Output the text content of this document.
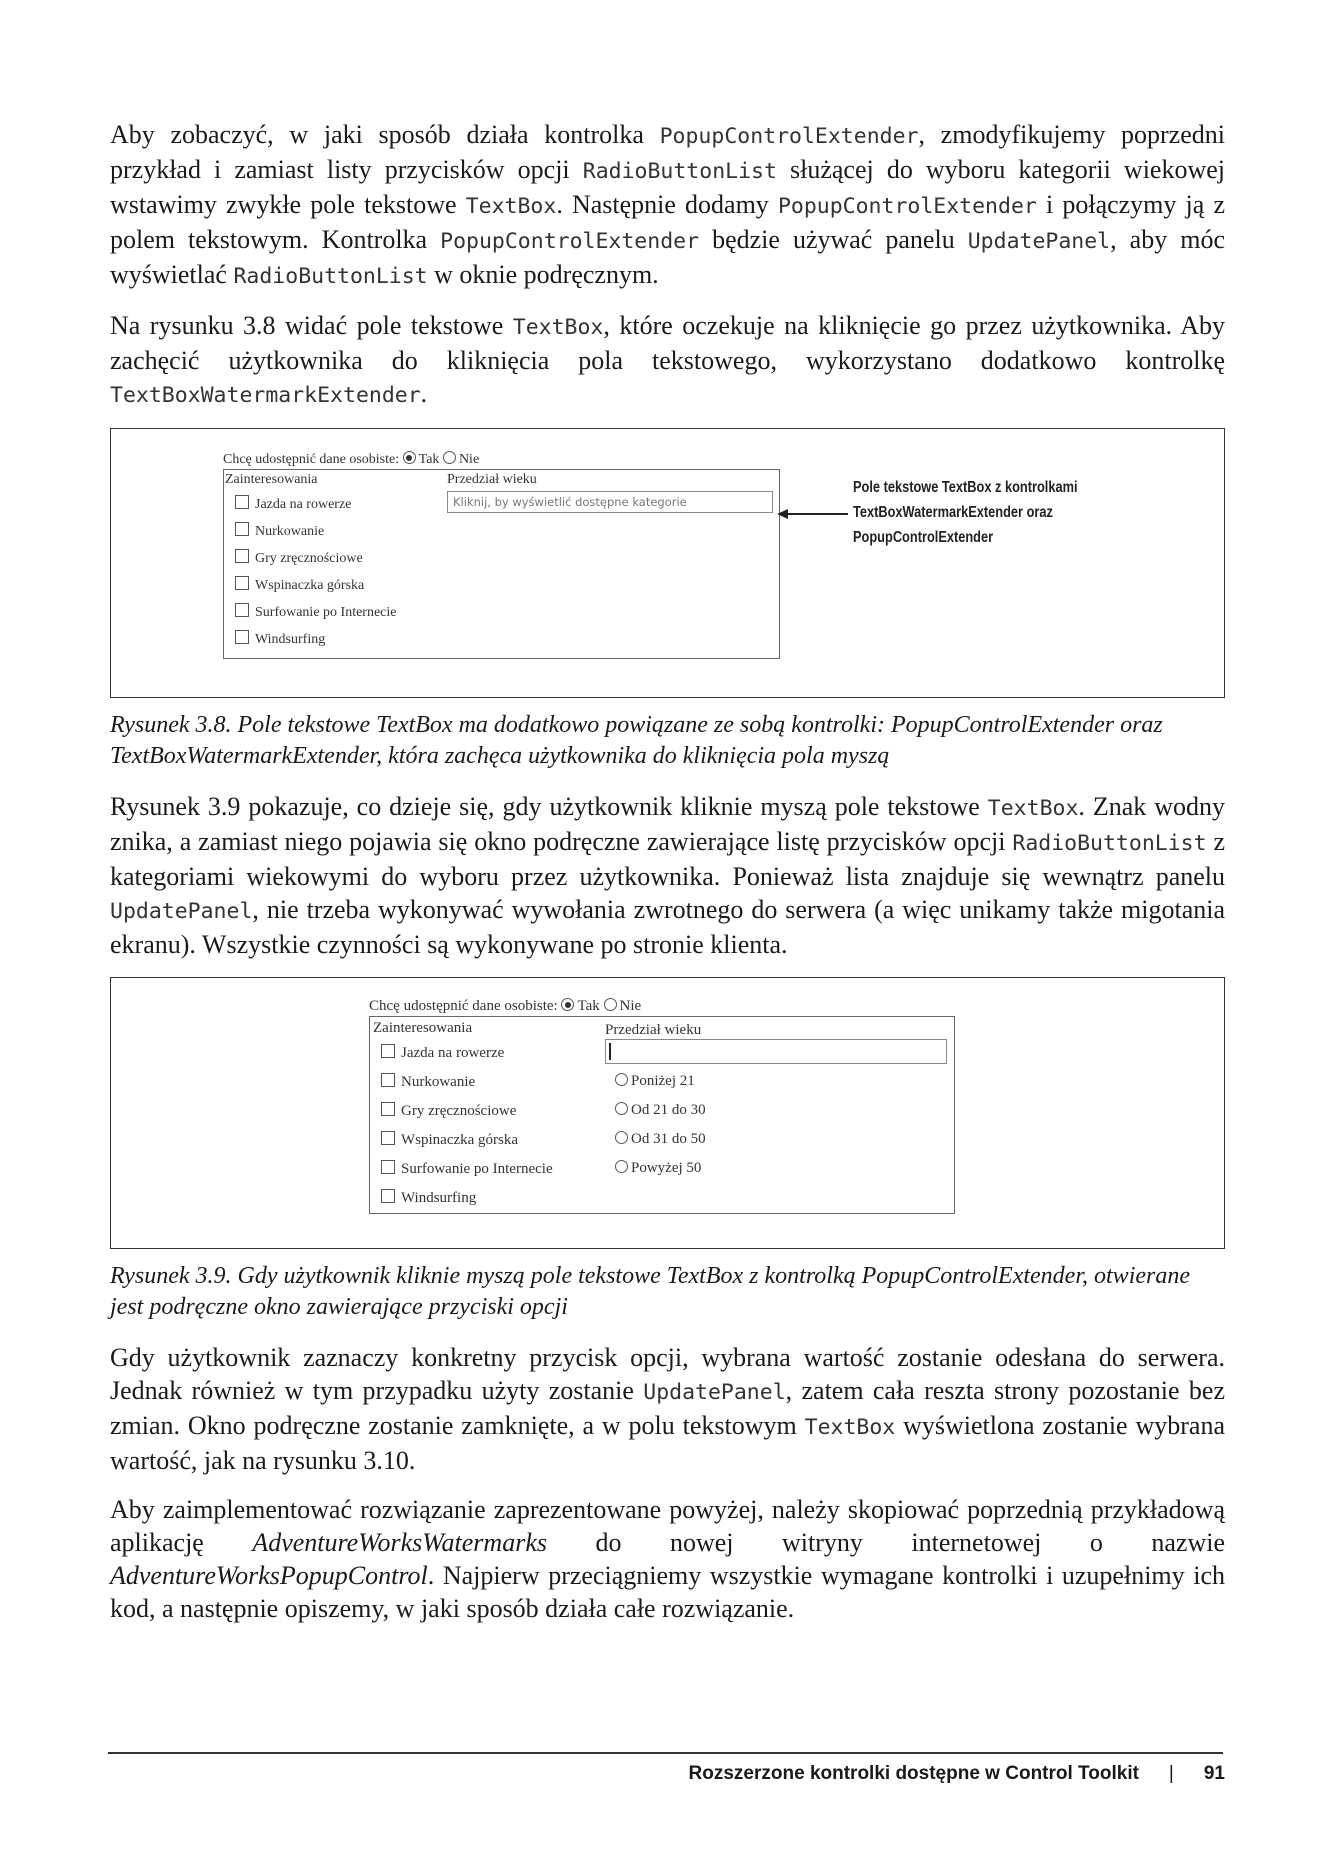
Aby zobaczyć, w jaki sposób działa kontrolka PopupControlExtender, zmodyfikujemy poprzedni przykład i zamiast listy przycisków opcji RadioButtonList służącej do wyboru kategorii wiekowej wstawimy zwykłe pole tekstowe TextBox. Następnie dodamy PopupControlExtender i połączymy ją z polem tekstowym. Kontrolka PopupControlExtender będzie używać panelu UpdatePanel, aby móc wyświetlać RadioButtonList w oknie podręcznym.

Na rysunku 3.8 widać pole tekstowe TextBox, które oczekuje na kliknięcie go przez użytkownika. Aby zachęcić użytkownika do kliknięcia pola tekstowego, wykorzystano dodatkowo kontrolkę TextBoxWatermarkExtender.

Chcę udostępnić dane osobiste: Tak Nie
Zainteresowania	Przedział wieku
Kliknij, by wyświetlić dostępne kategorie
Jazda na rowerze
Nurkowanie
Gry zręcznościowe
Wspinaczka górska
Surfowanie po Internecie
Windsurfing
Pole tekstowe TextBox z kontrolkami
TextBoxWatermarkExtender oraz
PopupControlExtender

Rysunek 3.8. Pole tekstowe TextBox ma dodatkowo powiązane ze sobą kontrolki: PopupControlExtender oraz TextBoxWatermarkExtender, która zachęca użytkownika do kliknięcia pola myszą

Rysunek 3.9 pokazuje, co dzieje się, gdy użytkownik kliknie myszą pole tekstowe TextBox. Znak wodny znika, a zamiast niego pojawia się okno podręczne zawierające listę przycisków opcji RadioButtonList z kategoriami wiekowymi do wyboru przez użytkownika. Ponieważ lista znajduje się wewnątrz panelu UpdatePanel, nie trzeba wykonywać wywołania zwrotnego do serwera (a więc unikamy także migotania ekranu). Wszystkie czynności są wykonywane po stronie klienta.

Chcę udostępnić dane osobiste: Tak Nie
Zainteresowania	Przedział wieku
Jazda na rowerze
Nurkowanie
Gry zręcznościowe
Wspinaczka górska
Surfowanie po Internecie
Windsurfing
Poniżej 21
Od 21 do 30
Od 31 do 50
Powyżej 50

Rysunek 3.9. Gdy użytkownik kliknie myszą pole tekstowe TextBox z kontrolką PopupControlExtender, otwierane jest podręczne okno zawierające przyciski opcji

Gdy użytkownik zaznaczy konkretny przycisk opcji, wybrana wartość zostanie odesłana do serwera. Jednak również w tym przypadku użyty zostanie UpdatePanel, zatem cała reszta strony pozostanie bez zmian. Okno podręczne zostanie zamknięte, a w polu tekstowym TextBox wyświetlona zostanie wybrana wartość, jak na rysunku 3.10.

Aby zaimplementować rozwiązanie zaprezentowane powyżej, należy skopiować poprzednią przykładową aplikację AdventureWorksWatermarks do nowej witryny internetowej o nazwie AdventureWorksPopupControl. Najpierw przeciągniemy wszystkie wymagane kontrolki i uzupełnimy ich kod, a następnie opiszemy, w jaki sposób działa całe rozwiązanie.

Rozszerzone kontrolki dostępne w Control Toolkit | 91
